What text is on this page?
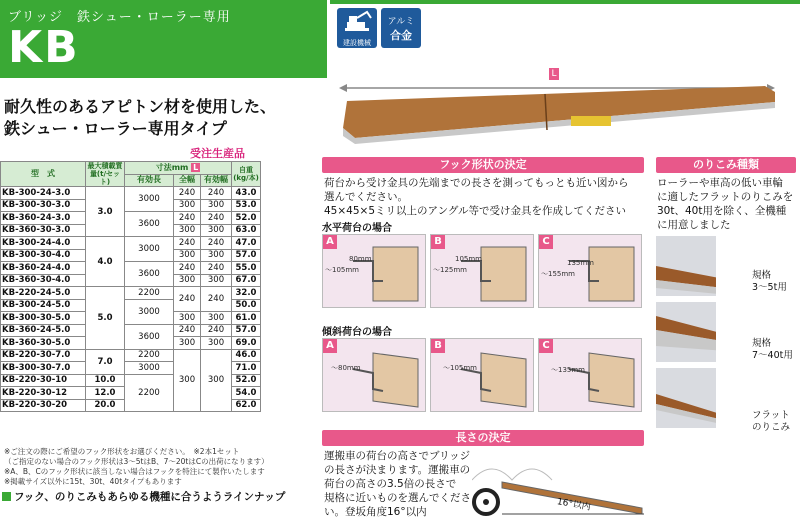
ブリッジ　鉄シュー・ローラー専用
KB	建設機械
アルミ
合金
L
耐久性のあるアピトン材を使用した、
鉄シュー・ローラー専用タイプ
受注生産品
型　式	最大積載質量(t/セット)	寸法mm L			自重(kg/本)
		有効長	全幅	有効幅	
KB-300-24-3.0	3.0	3000	240	240	43.0
KB-300-30-3.0			300	300	53.0
KB-360-24-3.0		3600	240	240	52.0
KB-360-30-3.0			300	300	63.0
KB-300-24-4.0	4.0	3000	240	240	47.0
KB-300-30-4.0			300	300	57.0
KB-360-24-4.0		3600	240	240	55.0
KB-360-30-4.0			300	300	67.0
KB-220-24-5.0	5.0	2200	240	240	32.0
KB-300-24-5.0		3000			50.0
KB-300-30-5.0			300	300	61.0
KB-360-24-5.0		3600	240	240	57.0
KB-360-30-5.0			300	300	69.0
KB-220-30-7.0	7.0	2200	300	300	46.0
KB-300-30-7.0		3000			71.0
KB-220-30-10	10.0	2200			52.0
KB-220-30-12	12.0				54.0
KB-220-30-20	20.0				62.0
※ご注文の際にご希望のフック形状をお選びください。　※2本1セット
（ご指定のない場合のフック形状は3～5tはB、7～20tはCの出荷になります）
※A、B、Cのフック形状に該当しない場合はフックを特注にて製作いたします
※掲載サイズ以外に15t、30t、40tタイプもあります
フック、のりこみもあらゆる機種に合うようラインナップ
フック形状の決定
荷台から受け金具の先端までの長さを測ってもっとも近い図から
選んでください。
45×45×5ミリ以上のアングル等で受け金具を作成してください
水平荷台の場合
傾斜荷台の場合
A
80mm
～105mm
B
105mm
～125mm
C
135mm
～155mm
A
～80mm
B
～105mm
C
～135mm
長さの決定
運搬車の荷台の高さでブリッジ
の長さが決まります。運搬車の
荷台の高さの3.5倍の長さで
規格に近いものを選んでくださ
い。登坂角度16°以内	16°以内
のりこみ種類
ローラーや車高の低い車輪
に適したフラットのりこみを
30t、40t用を除く、全機種
に用意しました
規格
3～5t用
規格
7～40t用
フラット
のりこみ
